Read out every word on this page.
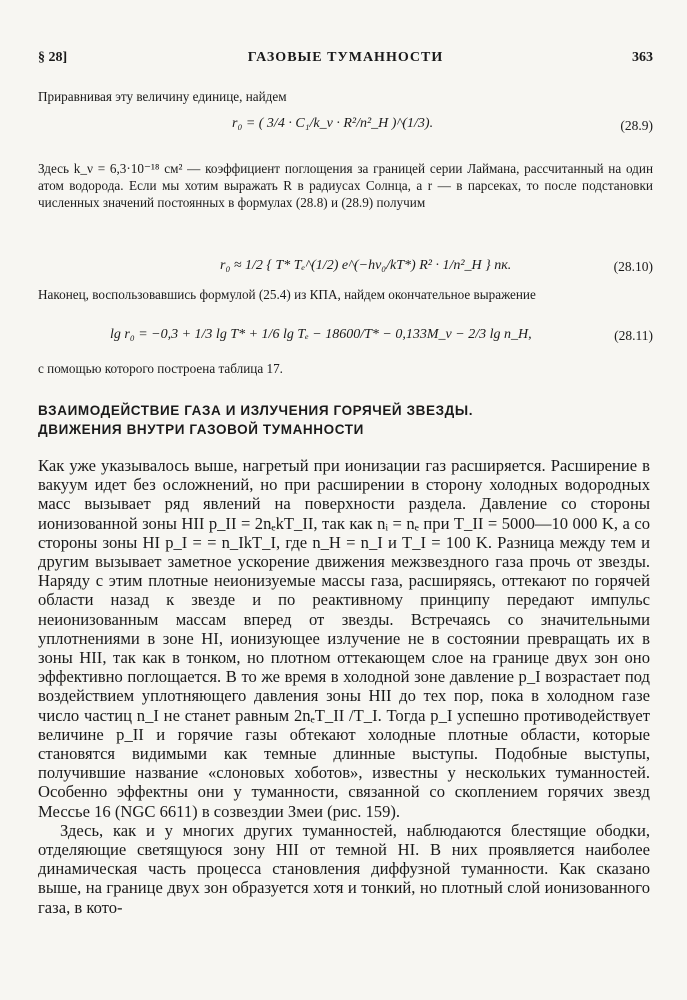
§ 28]	ГАЗОВЫЕ ТУМАННОСТИ	363
Приравнивая эту величину единице, найдем
r₀ = ( 3/4 · C₁/k_ν · R²/n²_H )^(1/3).	(28.9)
Здесь k_ν = 6,3·10⁻¹⁸ см² — коэффициент поглощения за границей серии Лаймана, рассчитанный на один атом водорода. Если мы хотим выражать R в радиусах Солнца, а r — в парсеках, то после подстановки численных значений постоянных в формулах (28.8) и (28.9) получим
r₀ ≈ 1/2 { T* Tₑ^(1/2) e^(−hν₀/kT*) R² · 1/n²_H } пк.	(28.10)
Наконец, воспользовавшись формулой (25.4) из КПА, найдем окончательное выражение
lg r₀ = −0,3 + 1/3 lg T* + 1/6 lg Tₑ − 18600/T* − 0,133M_v − 2/3 lg n_H,	(28.11)
с помощью которого построена таблица 17.
ВЗАИМОДЕЙСТВИЕ ГАЗА И ИЗЛУЧЕНИЯ ГОРЯЧЕЙ ЗВЕЗДЫ.
ДВИЖЕНИЯ ВНУТРИ ГАЗОВОЙ ТУМАННОСТИ

Как уже указывалось выше, нагретый при ионизации газ расширяется. Расширение в вакуум идет без осложнений, но при расширении в сторону холодных водородных масс вызывает ряд явлений на поверхности раздела. Давление со стороны ионизованной зоны HII p_II = 2nₑkT_II, так как nᵢ = nₑ при T_II = 5000—10 000 K, а со стороны зоны HI p_I = = n_IkT_I, где n_H = n_I и T_I = 100 K. Разница между тем и другим вызывает заметное ускорение движения межзвездного газа прочь от звезды. Наряду с этим плотные неионизуемые массы газа, расширяясь, оттекают по горячей области назад к звезде и по реактивному принципу передают импульс неионизованным массам вперед от звезды. Встречаясь со значительными уплотнениями в зоне HI, ионизующее излучение не в состоянии превращать их в зоны HII, так как в тонком, но плотном оттекающем слое на границе двух зон оно эффективно поглощается. В то же время в холодной зоне давление p_I возрастает под воздействием уплотняющего давления зоны HII до тех пор, пока в холодном газе число частиц n_I не станет равным 2nₑT_II /T_I. Тогда p_I успешно противодействует величине p_II и горячие газы обтекают холодные плотные области, которые становятся видимыми как темные длинные выступы. Подобные выступы, получившие название «слоновых хоботов», известны у нескольких туманностей. Особенно эффектны они у туманности, связанной со скоплением горячих звезд Мессье 16 (NGC 6611) в созвездии Змеи (рис. 159).

Здесь, как и у многих других туманностей, наблюдаются блестящие ободки, отделяющие светящуюся зону HII от темной HI. В них проявляется наиболее динамическая часть процесса становления диффузной туманности. Как сказано выше, на границе двух зон образуется хотя и тонкий, но плотный слой ионизованного газа, в кото-
